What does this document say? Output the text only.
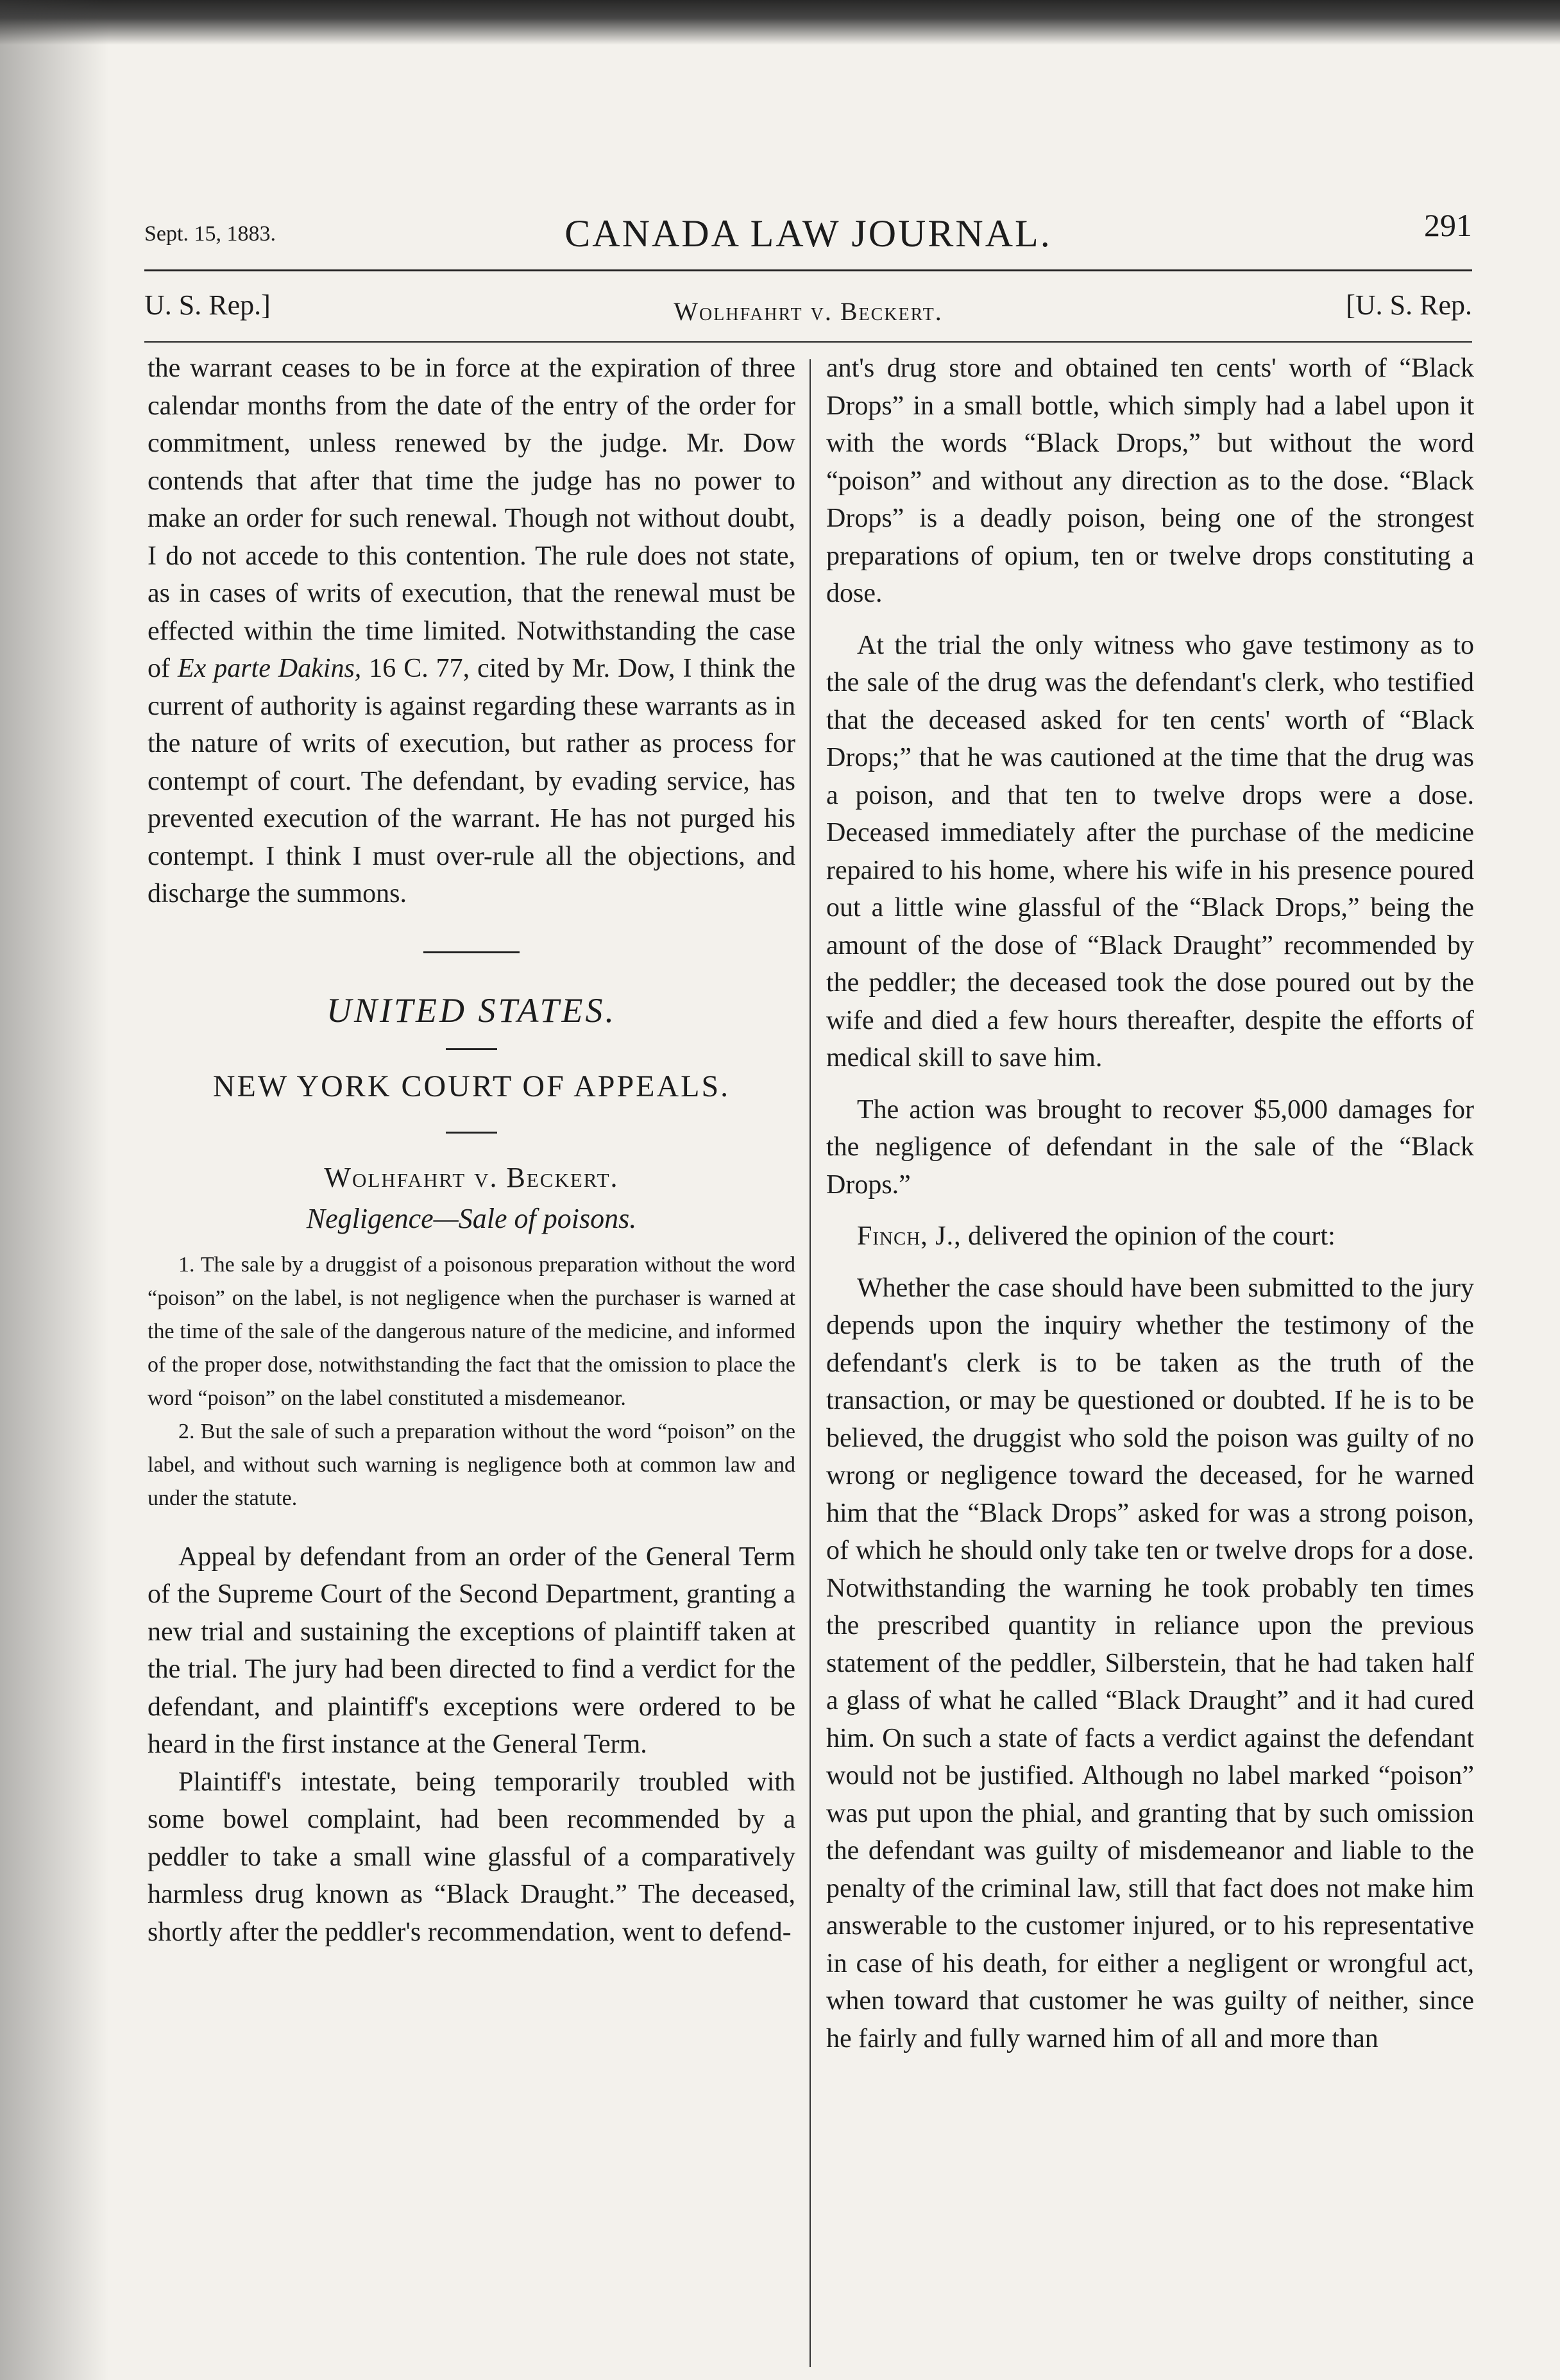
Sept. 15, 1883.	CANADA LAW JOURNAL.	291
U. S. Rep.]	Wolhfahrt v. Beckert.	[U. S. Rep.

the warrant ceases to be in force at the expiration of three calendar months from the date of the entry of the order for commitment, unless renewed by the judge. Mr. Dow contends that after that time the judge has no power to make an order for such renewal. Though not without doubt, I do not accede to this contention. The rule does not state, as in cases of writs of execution, that the renewal must be effected within the time limited. Notwithstanding the case of Ex parte Dakins, 16 C. 77, cited by Mr. Dow, I think the current of authority is against regarding these warrants as in the nature of writs of execution, but rather as process for contempt of court. The defendant, by evading service, has prevented execution of the warrant. He has not purged his contempt. I think I must over-rule all the objections, and discharge the summons.

UNITED STATES.
NEW YORK COURT OF APPEALS.
Wolhfahrt v. Beckert.
Negligence—Sale of poisons.

1. The sale by a druggist of a poisonous preparation without the word “poison” on the label, is not negligence when the purchaser is warned at the time of the sale of the dangerous nature of the medicine, and informed of the proper dose, notwithstanding the fact that the omission to place the word “poison” on the label constituted a misdemeanor.

2. But the sale of such a preparation without the word “poison” on the label, and without such warning is negligence both at common law and under the statute.

Appeal by defendant from an order of the General Term of the Supreme Court of the Second Department, granting a new trial and sustaining the exceptions of plaintiff taken at the trial. The jury had been directed to find a verdict for the defendant, and plaintiff's exceptions were ordered to be heard in the first instance at the General Term.

Plaintiff's intestate, being temporarily troubled with some bowel complaint, had been recommended by a peddler to take a small wine glassful of a comparatively harmless drug known as “Black Draught.” The deceased, shortly after the peddler's recommendation, went to defend-

ant's drug store and obtained ten cents' worth of “Black Drops” in a small bottle, which simply had a label upon it with the words “Black Drops,” but without the word “poison” and without any direction as to the dose. “Black Drops” is a deadly poison, being one of the strongest preparations of opium, ten or twelve drops constituting a dose.

At the trial the only witness who gave testimony as to the sale of the drug was the defendant's clerk, who testified that the deceased asked for ten cents' worth of “Black Drops;” that he was cautioned at the time that the drug was a poison, and that ten to twelve drops were a dose. Deceased immediately after the purchase of the medicine repaired to his home, where his wife in his presence poured out a little wine glassful of the “Black Drops,” being the amount of the dose of “Black Draught” recommended by the peddler; the deceased took the dose poured out by the wife and died a few hours thereafter, despite the efforts of medical skill to save him.

The action was brought to recover $5,000 damages for the negligence of defendant in the sale of the “Black Drops.”

Finch, J., delivered the opinion of the court:

Whether the case should have been submitted to the jury depends upon the inquiry whether the testimony of the defendant's clerk is to be taken as the truth of the transaction, or may be questioned or doubted. If he is to be believed, the druggist who sold the poison was guilty of no wrong or negligence toward the deceased, for he warned him that the “Black Drops” asked for was a strong poison, of which he should only take ten or twelve drops for a dose. Notwithstanding the warning he took probably ten times the prescribed quantity in reliance upon the previous statement of the peddler, Silberstein, that he had taken half a glass of what he called “Black Draught” and it had cured him. On such a state of facts a verdict against the defendant would not be justified. Although no label marked “poison” was put upon the phial, and granting that by such omission the defendant was guilty of misdemeanor and liable to the penalty of the criminal law, still that fact does not make him answerable to the customer injured, or to his representative in case of his death, for either a negligent or wrongful act, when toward that customer he was guilty of neither, since he fairly and fully warned him of all and more than
